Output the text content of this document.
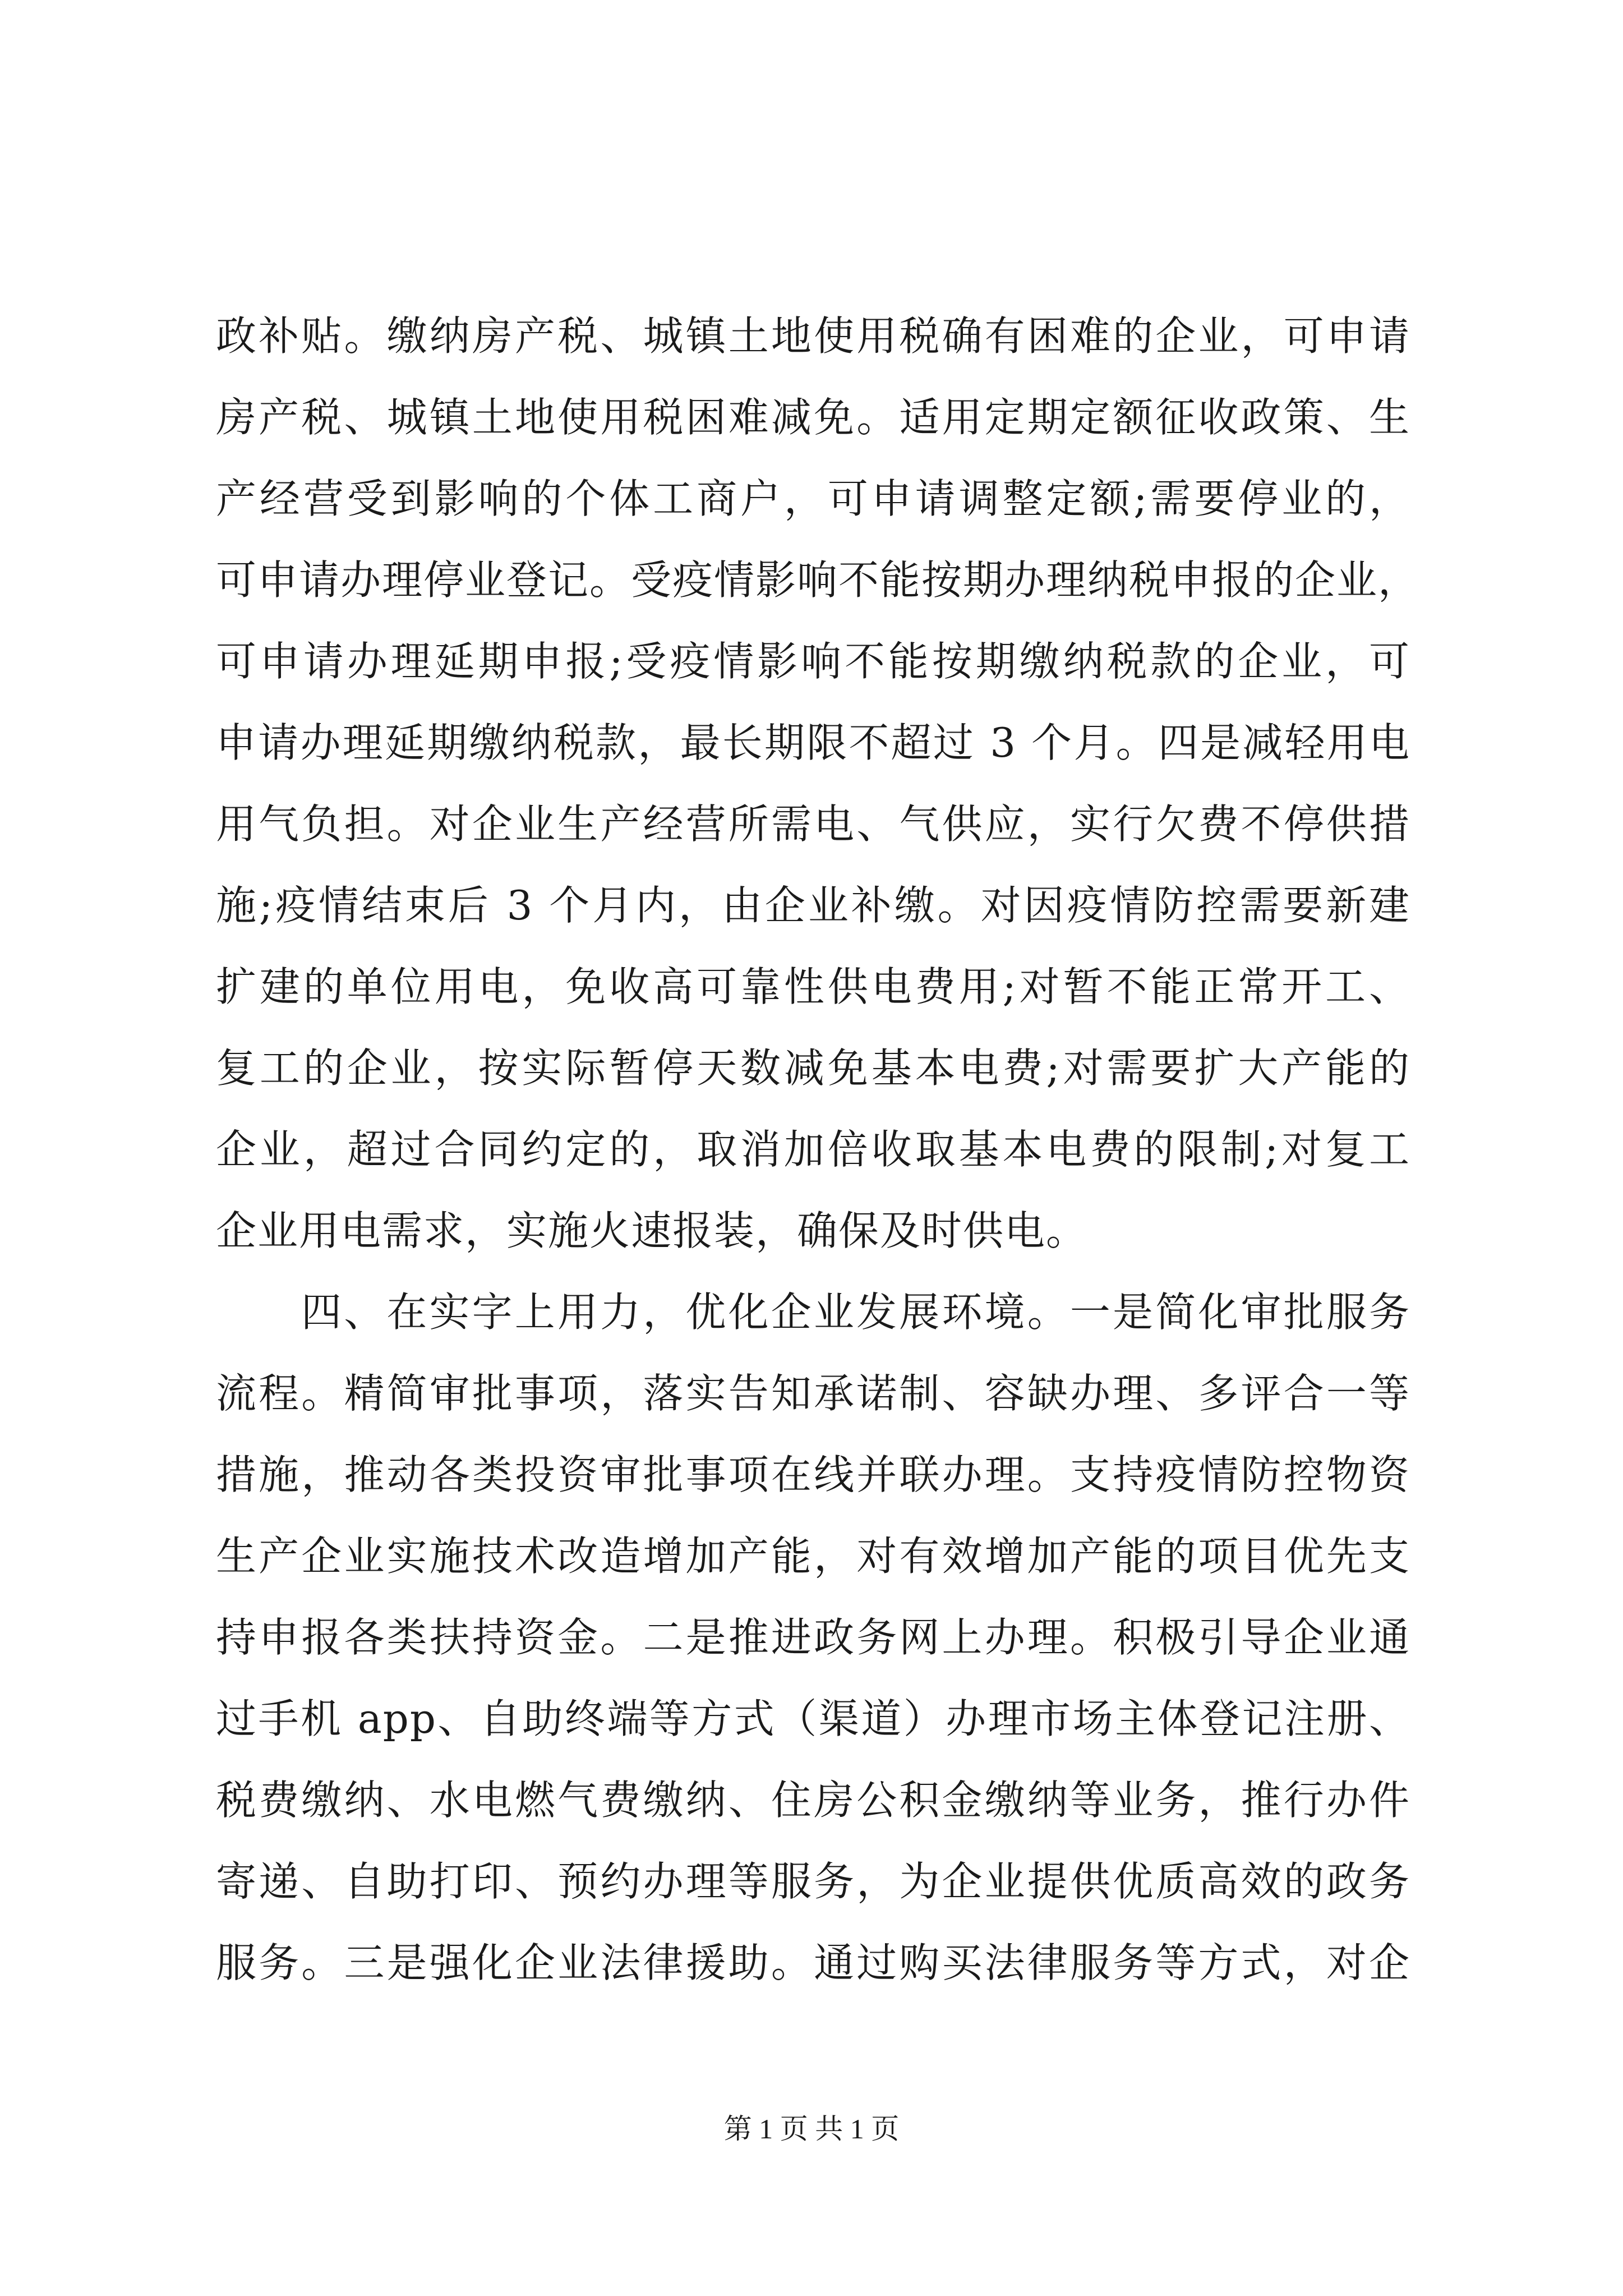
政补贴。缴纳房产税、城镇土地使用税确有困难的企业，可申请
房产税、城镇土地使用税困难减免。适用定期定额征收政策、生
产经营受到影响的个体工商户，可申请调整定额;需要停业的，
可申请办理停业登记。受疫情影响不能按期办理纳税申报的企业，
可申请办理延期申报;受疫情影响不能按期缴纳税款的企业，可
申请办理延期缴纳税款，最长期限不超过 3 个月。四是减轻用电
用气负担。对企业生产经营所需电、气供应，实行欠费不停供措
施;疫情结束后 3 个月内，由企业补缴。对因疫情防控需要新建
扩建的单位用电，免收高可靠性供电费用;对暂不能正常开工、
复工的企业，按实际暂停天数减免基本电费;对需要扩大产能的
企业，超过合同约定的，取消加倍收取基本电费的限制;对复工
企业用电需求，实施火速报装，确保及时供电。
四、在实字上用力，优化企业发展环境。一是简化审批服务
流程。精简审批事项，落实告知承诺制、容缺办理、多评合一等
措施，推动各类投资审批事项在线并联办理。支持疫情防控物资
生产企业实施技术改造增加产能，对有效增加产能的项目优先支
持申报各类扶持资金。二是推进政务网上办理。积极引导企业通
过手机 app、自助终端等方式（渠道）办理市场主体登记注册、
税费缴纳、水电燃气费缴纳、住房公积金缴纳等业务，推行办件
寄递、自助打印、预约办理等服务，为企业提供优质高效的政务
服务。三是强化企业法律援助。通过购买法律服务等方式，对企
第 1 页 共 1 页
